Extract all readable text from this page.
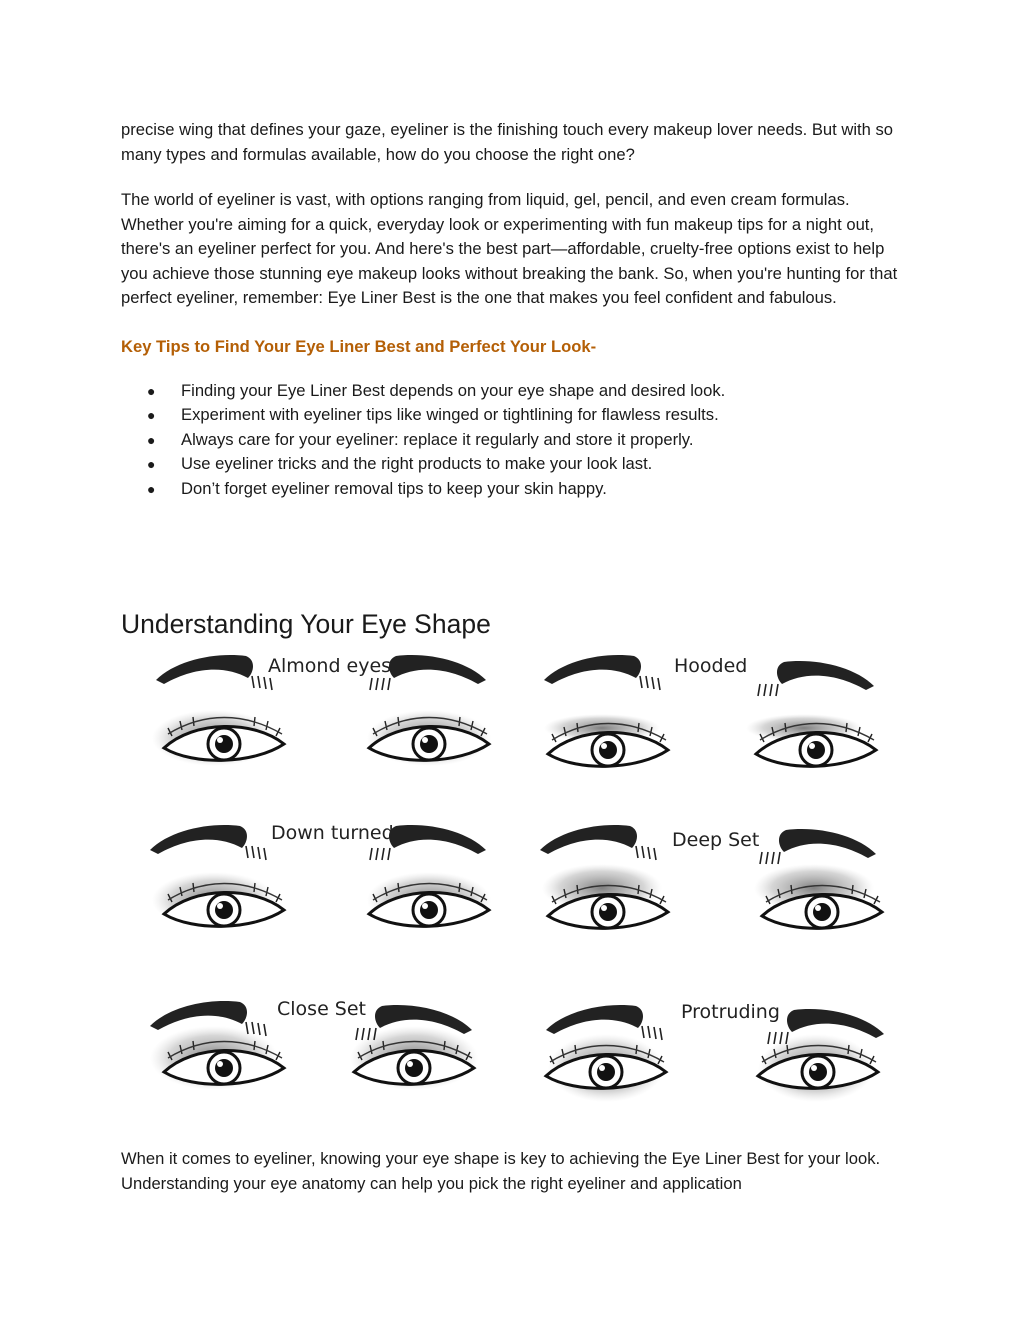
precise wing that defines your gaze, eyeliner is the finishing touch every makeup lover needs. But with so many types and formulas available, how do you choose the right one?

The world of eyeliner is vast, with options ranging from liquid, gel, pencil, and even cream formulas. Whether you're aiming for a quick, everyday look or experimenting with fun makeup tips for a night out, there's an eyeliner perfect for you. And here's the best part—affordable, cruelty-free options exist to help you achieve those stunning eye makeup looks without breaking the bank. So, when you're hunting for that perfect eyeliner, remember: Eye Liner Best is the one that makes you feel confident and fabulous.

Key Tips to Find Your Eye Liner Best and Perfect Your Look-
● Finding your Eye Liner Best depends on your eye shape and desired look.
● Experiment with eyeliner tips like winged or tightlining for flawless results.
● Always care for your eyeliner: replace it regularly and store it properly.
● Use eyeliner tricks and the right products to make your look last.
● Don’t forget eyeliner removal tips to keep your skin happy.
Understanding Your Eye Shape
Almond eyes	Hooded
Down turned	Deep Set
Close Set	Protruding

When it comes to eyeliner, knowing your eye shape is key to achieving the Eye Liner Best for your look. Understanding your eye anatomy can help you pick the right eyeliner and application
